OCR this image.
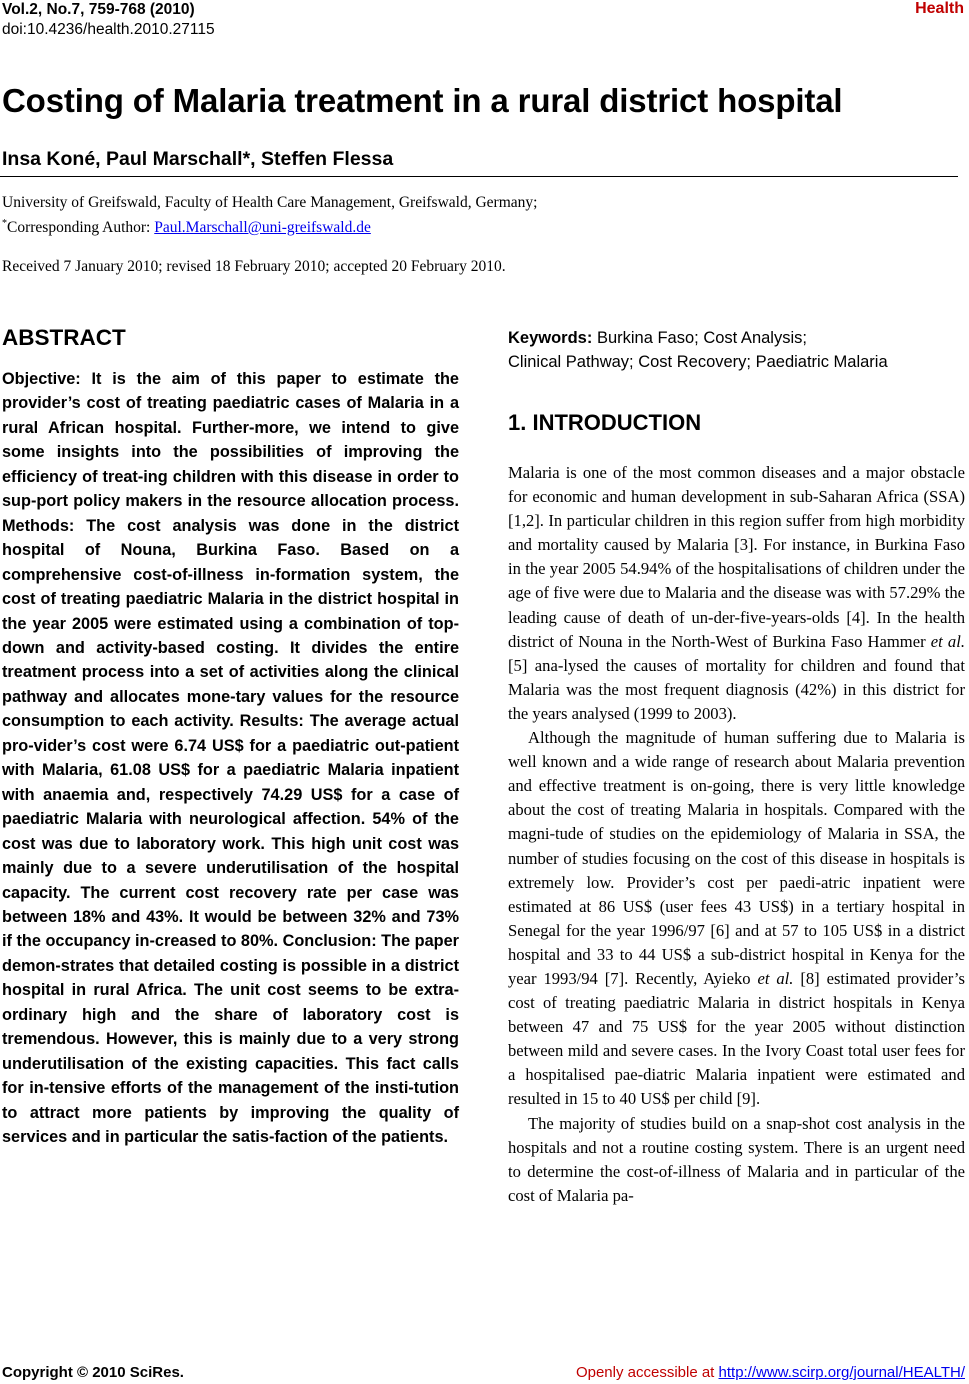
Vol.2, No.7, 759-768 (2010)
doi:10.4236/health.2010.27115
Health
Costing of Malaria treatment in a rural district hospital
Insa Koné, Paul Marschall*, Steffen Flessa
University of Greifswald, Faculty of Health Care Management, Greifswald, Germany;
*Corresponding Author: Paul.Marschall@uni-greifswald.de
Received 7 January 2010; revised 18 February 2010; accepted 20 February 2010.
ABSTRACT

Objective: It is the aim of this paper to estimate the provider’s cost of treating paediatric cases of Malaria in a rural African hospital. Further-more, we intend to give some insights into the possibilities of improving the efficiency of treat-ing children with this disease in order to sup-port policy makers in the resource allocation process. Methods: The cost analysis was done in the district hospital of Nouna, Burkina Faso. Based on a comprehensive cost-of-illness in-formation system, the cost of treating paediatric Malaria in the district hospital in the year 2005 were estimated using a combination of top-down and activity-based costing. It divides the entire treatment process into a set of activities along the clinical pathway and allocates mone-tary values for the resource consumption to each activity. Results: The average actual pro-vider’s cost were 6.74 US$ for a paediatric out-patient with Malaria, 61.08 US$ for a paediatric Malaria inpatient with anaemia and, respectively 74.29 US$ for a case of paediatric Malaria with neurological affection. 54% of the cost was due to laboratory work. This high unit cost was mainly due to a severe underutilisation of the hospital capacity. The current cost recovery rate per case was between 18% and 43%. It would be between 32% and 73% if the occupancy in-creased to 80%. Conclusion: The paper demon-strates that detailed costing is possible in a district hospital in rural Africa. The unit cost seems to be extra-ordinary high and the share of laboratory cost is tremendous. However, this is mainly due to a very strong underutilisation of the existing capacities. This fact calls for in-tensive efforts of the management of the insti-tution to attract more patients by improving the quality of services and in particular the satis-faction of the patients.

Keywords: Burkina Faso; Cost Analysis;
Clinical Pathway; Cost Recovery; Paediatric Malaria
1. INTRODUCTION

Malaria is one of the most common diseases and a major obstacle for economic and human development in sub-Saharan Africa (SSA) [1,2]. In particular children in this region suffer from high morbidity and mortality caused by Malaria [3]. For instance, in Burkina Faso in the year 2005 54.94% of the hospitalisations of children under the age of five were due to Malaria and the disease was with 57.29% the leading cause of death of un-der-five-years-olds [4]. In the health district of Nouna in the North-West of Burkina Faso Hammer et al. [5] ana-lysed the causes of mortality for children and found that Malaria was the most frequent diagnosis (42%) in this district for the years analysed (1999 to 2003).

Although the magnitude of human suffering due to Malaria is well known and a wide range of research about Malaria prevention and effective treatment is on-going, there is very little knowledge about the cost of treating Malaria in hospitals. Compared with the magni-tude of studies on the epidemiology of Malaria in SSA, the number of studies focusing on the cost of this disease in hospitals is extremely low. Provider’s cost per paedi-atric inpatient were estimated at 86 US$ (user fees 43 US$) in a tertiary hospital in Senegal for the year 1996/97 [6] and at 57 to 105 US$ in a district hospital and 33 to 44 US$ a sub-district hospital in Kenya for the year 1993/94 [7]. Recently, Ayieko et al. [8] estimated provider’s cost of treating paediatric Malaria in district hospitals in Kenya between 47 and 75 US$ for the year 2005 without distinction between mild and severe cases. In the Ivory Coast total user fees for a hospitalised pae-diatric Malaria inpatient were estimated and resulted in 15 to 40 US$ per child [9].

The majority of studies build on a snap-shot cost analysis in the hospitals and not a routine costing system. There is an urgent need to determine the cost-of-illness of Malaria and in particular of the cost of Malaria pa-

Copyright © 2010 SciRes.	Openly accessible at http://www.scirp.org/journal/HEALTH/
